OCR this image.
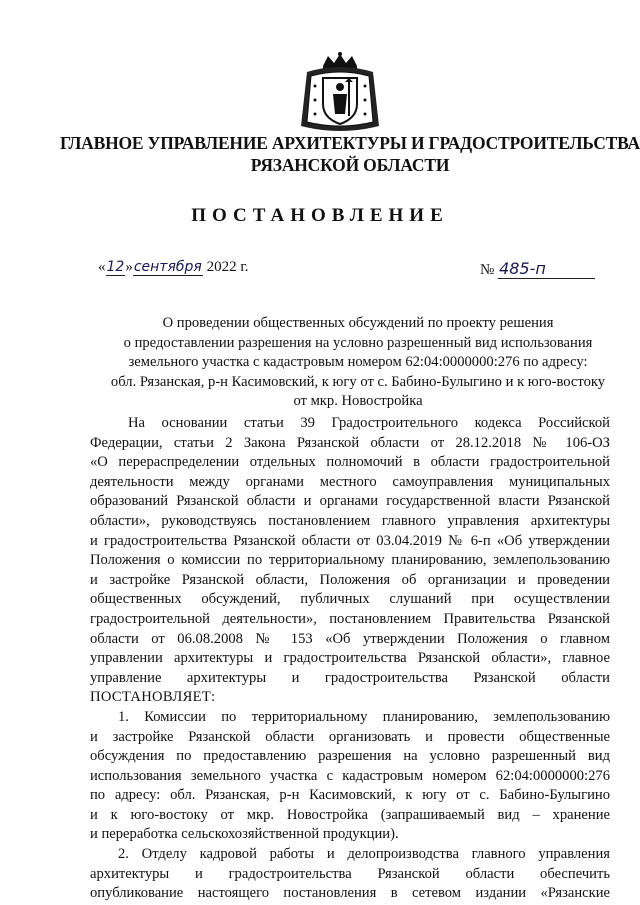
ГЛАВНОЕ УПРАВЛЕНИЕ АРХИТЕКТУРЫ И ГРАДОСТРОИТЕЛЬСТВА
РЯЗАНСКОЙ ОБЛАСТИ
ПОСТАНОВЛЕНИЕ
«12»сентября 2022 г.	№ 485-п
О проведении общественных обсуждений по проекту решения
о предоставлении разрешения на условно разрешенный вид использования
земельного участка с кадастровым номером 62:04:0000000:276 по адресу:
обл. Рязанская, р-н Касимовский, к югу от с. Бабино-Булыгино и к юго-востоку
от мкр. Новостройка
На основании статьи 39 Градостроительного кодекса Российской
Федерации, статьи 2 Закона Рязанской области от 28.12.2018 № 106-ОЗ
«О перераспределении отдельных полномочий в области градостроительной
деятельности между органами местного самоуправления муниципальных
образований Рязанской области и органами государственной власти Рязанской
области», руководствуясь постановлением главного управления архитектуры
и градостроительства Рязанской области от 03.04.2019 № 6-п «Об утверждении
Положения о комиссии по территориальному планированию, землепользованию
и застройке Рязанской области, Положения об организации и проведении
общественных обсуждений, публичных слушаний при осуществлении
градостроительной деятельности», постановлением Правительства Рязанской
области от 06.08.2008 № 153 «Об утверждении Положения о главном
управлении архитектуры и градостроительства Рязанской области», главное
управление архитектуры и градостроительства Рязанской области
ПОСТАНОВЛЯЕТ:
1. Комиссии по территориальному планированию, землепользованию
и застройке Рязанской области организовать и провести общественные
обсуждения по предоставлению разрешения на условно разрешенный вид
использования земельного участка с кадастровым номером 62:04:0000000:276
по адресу: обл. Рязанская, р-н Касимовский, к югу от с. Бабино-Булыгино
и к юго-востоку от мкр. Новостройка (запрашиваемый вид – хранение
и переработка сельскохозяйственной продукции).
2. Отделу кадровой работы и делопроизводства главного управления
архитектуры и градостроительства Рязанской области обеспечить
опубликование настоящего постановления в сетевом издании «Рязанские
